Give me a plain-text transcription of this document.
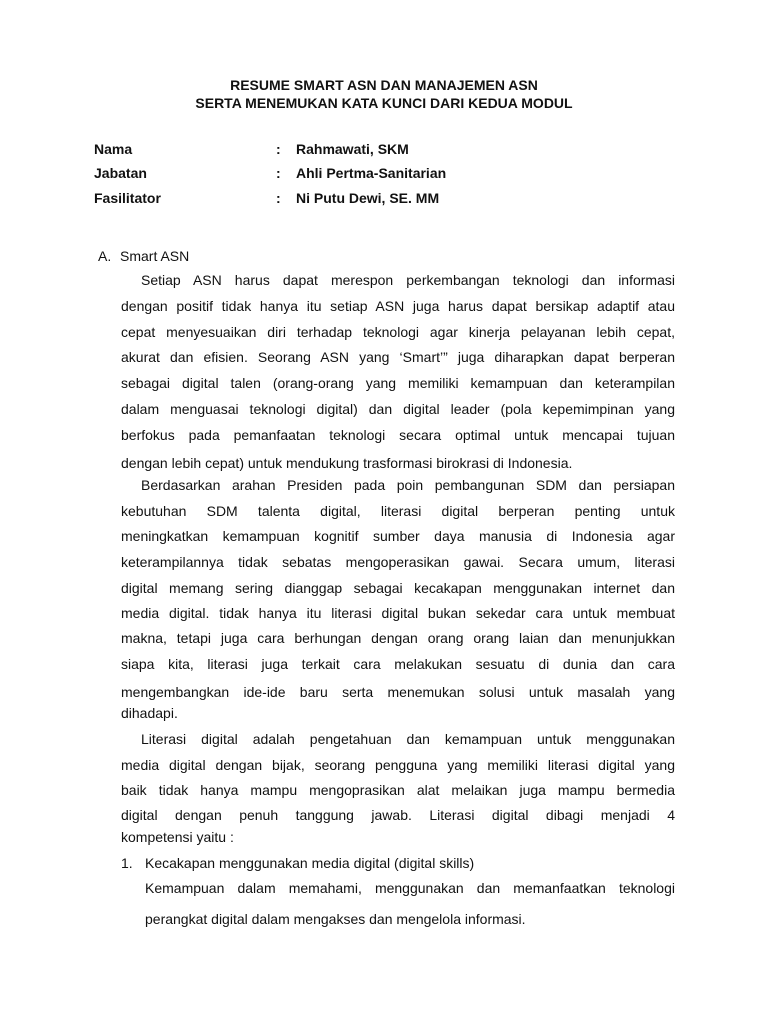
RESUME SMART ASN DAN MANAJEMEN ASN
SERTA MENEMUKAN KATA KUNCI DARI KEDUA MODUL
Nama	: Rahmawati, SKM
Jabatan	: Ahli Pertma-Sanitarian
Fasilitator	: Ni Putu Dewi, SE. MM
A. Smart ASN
Setiap ASN harus dapat merespon perkembangan teknologi dan informasi
dengan positif tidak hanya itu setiap ASN juga harus dapat bersikap adaptif atau
cepat menyesuaikan diri terhadap teknologi agar kinerja pelayanan lebih cepat,
akurat dan efisien. Seorang ASN yang ‘Smart’” juga diharapkan dapat berperan
sebagai digital talen (orang-orang yang memiliki kemampuan dan keterampilan
dalam menguasai teknologi digital) dan digital leader (pola kepemimpinan yang
berfokus pada pemanfaatan teknologi secara optimal untuk mencapai tujuan
dengan lebih cepat) untuk mendukung trasformasi birokrasi di Indonesia.
Berdasarkan arahan Presiden pada poin pembangunan SDM dan persiapan
kebutuhan SDM talenta digital, literasi digital berperan penting untuk
meningkatkan kemampuan kognitif sumber daya manusia di Indonesia agar
keterampilannya tidak sebatas mengoperasikan gawai. Secara umum, literasi
digital memang sering dianggap sebagai kecakapan menggunakan internet dan
media digital. tidak hanya itu literasi digital bukan sekedar cara untuk membuat
makna, tetapi juga cara berhungan dengan orang orang laian dan menunjukkan
siapa kita, literasi juga terkait cara melakukan sesuatu di dunia dan cara
mengembangkan ide-ide baru serta menemukan solusi untuk masalah yang
dihadapi.
Literasi digital adalah pengetahuan dan kemampuan untuk menggunakan
media digital dengan bijak, seorang pengguna yang memiliki literasi digital yang
baik tidak hanya mampu mengoprasikan alat melaikan juga mampu bermedia
digital dengan penuh tanggung jawab. Literasi digital dibagi menjadi 4
kompetensi yaitu :
1. Kecakapan menggunakan media digital (digital skills)
Kemampuan dalam memahami, menggunakan dan memanfaatkan teknologi
perangkat digital dalam mengakses dan mengelola informasi.
